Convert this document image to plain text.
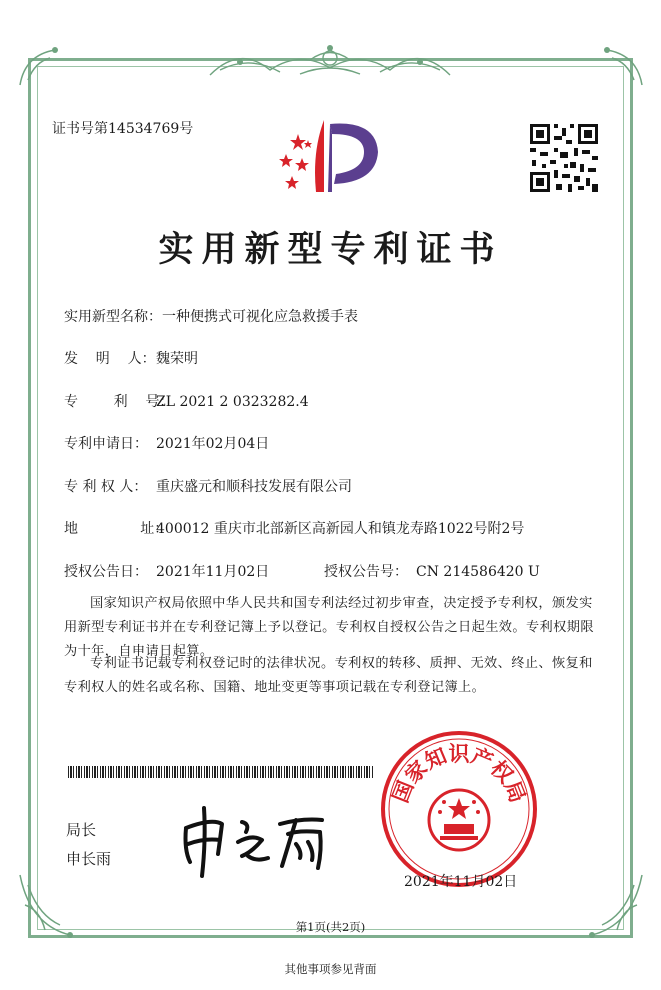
证书号第14534769号
实用新型专利证书
实用新型名称：一种便携式可视化应急救援手表
发    明    人：魏荣明
专        利    号：ZL 2021 2 0323282.4
专利申请日： 2021年02月04日
专 利 权 人： 重庆盛元和顺科技发展有限公司
地              址：400012 重庆市北部新区高新园人和镇龙寿路1022号附2号
授权公告日： 2021年11月02日	授权公告号： CN 214586420 U
国家知识产权局依照中华人民共和国专利法经过初步审查，决定授予专利权，颁发实用新型专利证书并在专利登记簿上予以登记。专利权自授权公告之日起生效。专利权期限为十年，自申请日起算。
专利证书记载专利权登记时的法律状况。专利权的转移、质押、无效、终止、恢复和专利权人的姓名或名称、国籍、地址变更等事项记载在专利登记簿上。
局长
申长雨
国家知识产权局
2021年11月02日
第1页(共2页)
其他事项参见背面
